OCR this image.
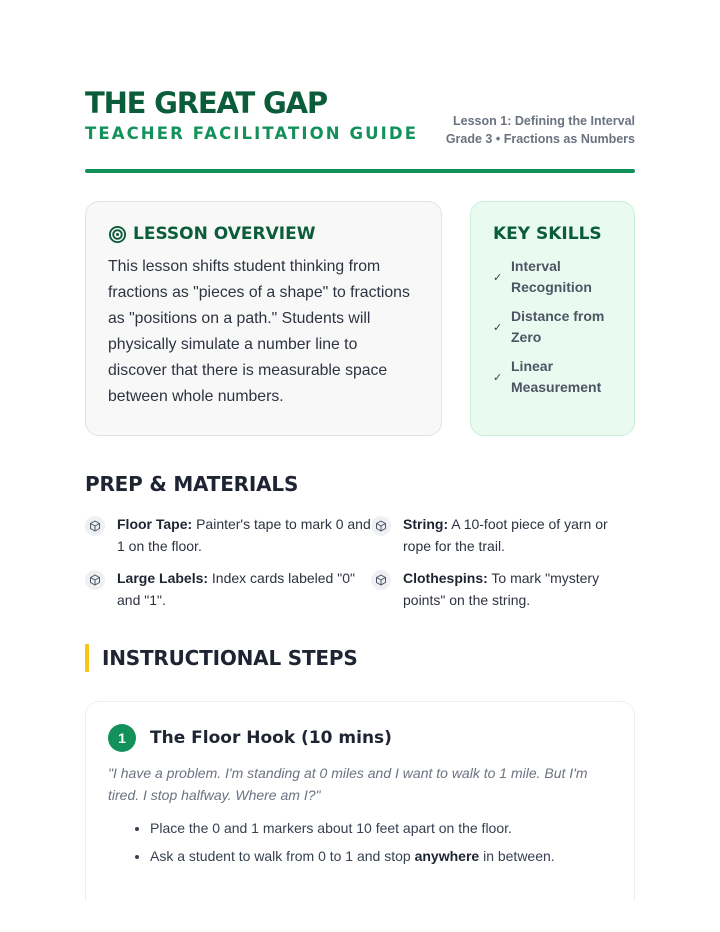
THE GREAT GAP
TEACHER FACILITATION GUIDE
Lesson 1: Defining the Interval
Grade 3 • Fractions as Numbers
LESSON OVERVIEW

This lesson shifts student thinking from fractions as "pieces of a shape" to fractions as "positions on a path." Students will physically simulate a number line to discover that there is measurable space between whole numbers.

KEY SKILLS
✓
Interval Recognition
✓
Distance from Zero
✓
Linear Measurement
PREP & MATERIALS
Floor Tape: Painter's tape to mark 0 and 1 on the floor.
String: A 10-foot piece of yarn or rope for the trail.
Large Labels: Index cards labeled "0" and "1".
Clothespins: To mark "mystery points" on the string.
INSTRUCTIONAL STEPS
1	The Floor Hook (10 mins)

"I have a problem. I'm standing at 0 miles and I want to walk to 1 mile. But I'm tired. I stop halfway. Where am I?"

• Place the 0 and 1 markers about 10 feet apart on the floor.
• Ask a student to walk from 0 to 1 and stop anywhere in between.
